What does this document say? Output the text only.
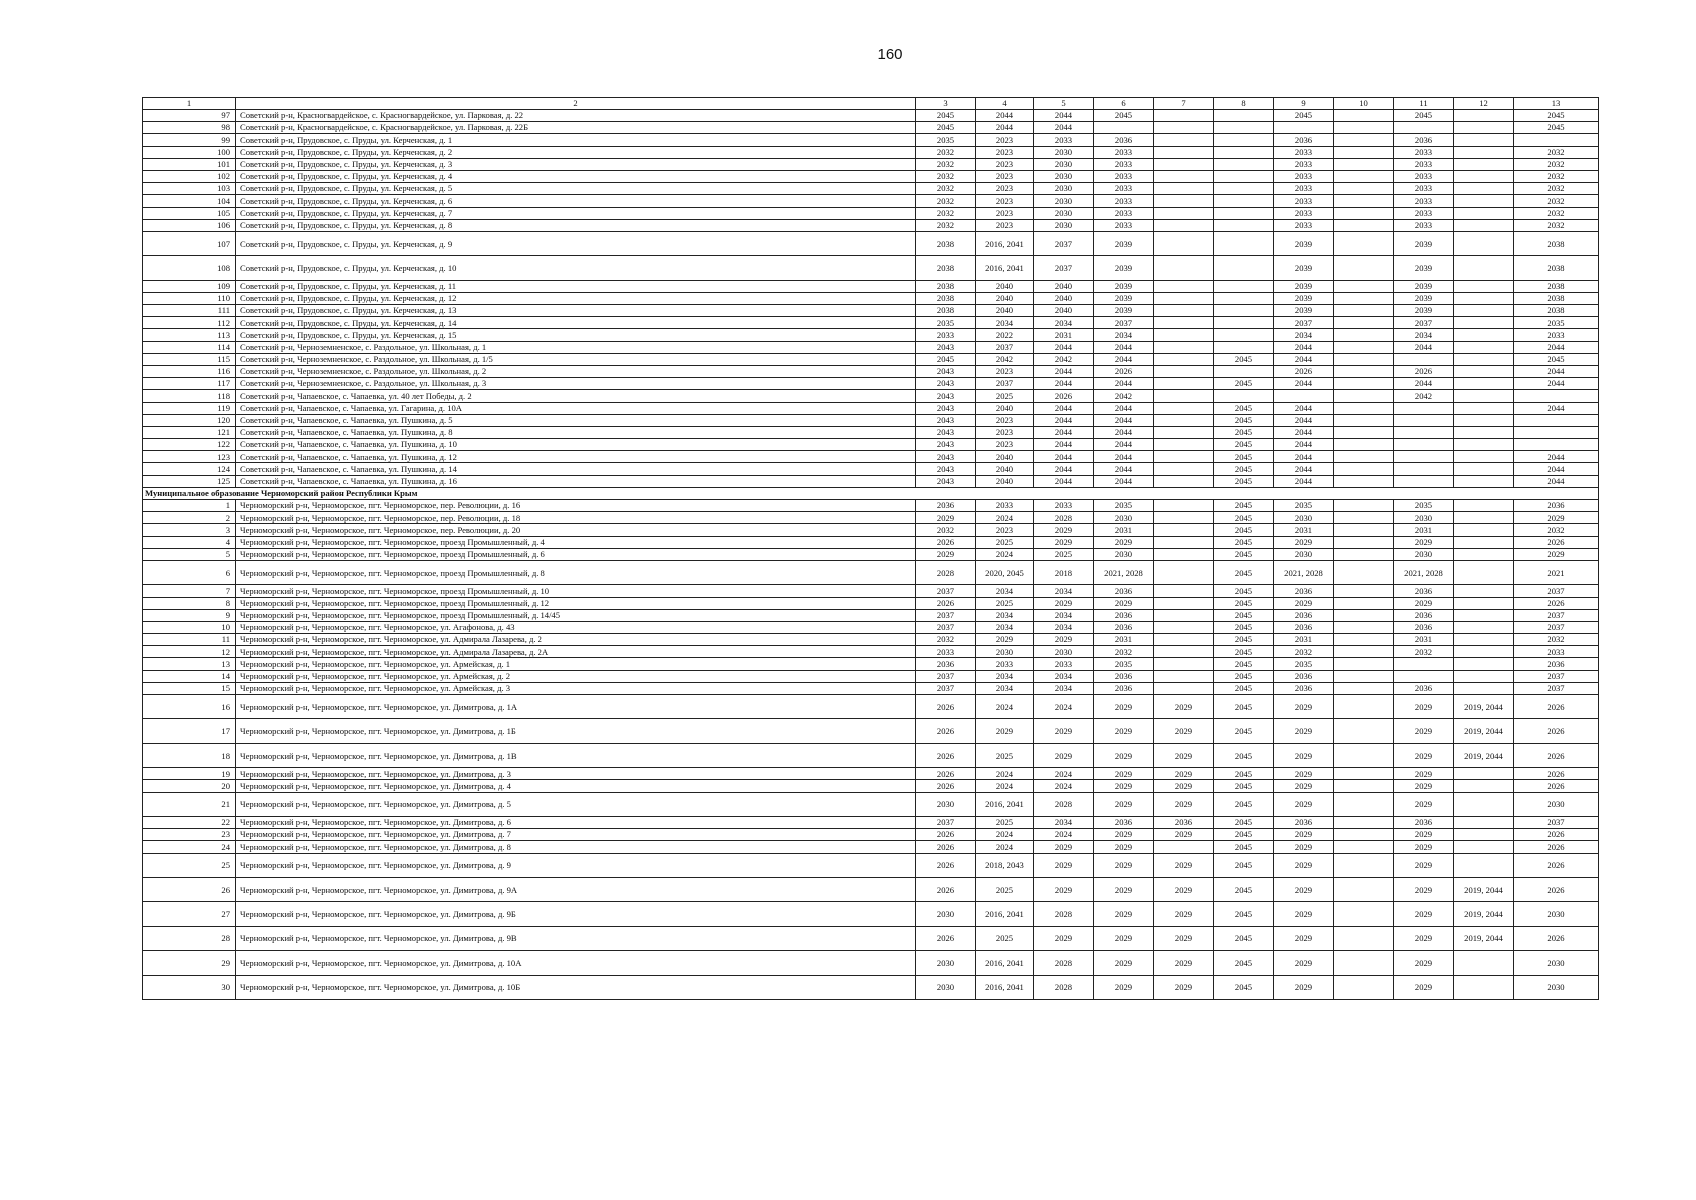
160
1	2	3	4	5	6	7	8	9	10	11	12	13
97	Советский р-н, Красногвардейское, с. Красногвардейское, ул. Парковая, д. 22	2045	2044	2044	2045			2045		2045		2045
98	Советский р-н, Красногвардейское, с. Красногвардейское, ул. Парковая, д. 22Б	2045	2044	2044								2045
99	Советский р-н, Прудовское, с. Пруды, ул. Керченская, д. 1	2035	2023	2033	2036			2036		2036		
100	Советский р-н, Прудовское, с. Пруды, ул. Керченская, д. 2	2032	2023	2030	2033			2033		2033		2032
101	Советский р-н, Прудовское, с. Пруды, ул. Керченская, д. 3	2032	2023	2030	2033			2033		2033		2032
102	Советский р-н, Прудовское, с. Пруды, ул. Керченская, д. 4	2032	2023	2030	2033			2033		2033		2032
103	Советский р-н, Прудовское, с. Пруды, ул. Керченская, д. 5	2032	2023	2030	2033			2033		2033		2032
104	Советский р-н, Прудовское, с. Пруды, ул. Керченская, д. 6	2032	2023	2030	2033			2033		2033		2032
105	Советский р-н, Прудовское, с. Пруды, ул. Керченская, д. 7	2032	2023	2030	2033			2033		2033		2032
106	Советский р-н, Прудовское, с. Пруды, ул. Керченская, д. 8	2032	2023	2030	2033			2033		2033		2032
107	Советский р-н, Прудовское, с. Пруды, ул. Керченская, д. 9	2038	2016, 2041	2037	2039			2039		2039		2038
108	Советский р-н, Прудовское, с. Пруды, ул. Керченская, д. 10	2038	2016, 2041	2037	2039			2039		2039		2038
109	Советский р-н, Прудовское, с. Пруды, ул. Керченская, д. 11	2038	2040	2040	2039			2039		2039		2038
110	Советский р-н, Прудовское, с. Пруды, ул. Керченская, д. 12	2038	2040	2040	2039			2039		2039		2038
111	Советский р-н, Прудовское, с. Пруды, ул. Керченская, д. 13	2038	2040	2040	2039			2039		2039		2038
112	Советский р-н, Прудовское, с. Пруды, ул. Керченская, д. 14	2035	2034	2034	2037			2037		2037		2035
113	Советский р-н, Прудовское, с. Пруды, ул. Керченская, д. 15	2033	2022	2031	2034			2034		2034		2033
114	Советский р-н, Черноземненское, с. Раздольное, ул. Школьная, д. 1	2043	2037	2044	2044			2044		2044		2044
115	Советский р-н, Черноземненское, с. Раздольное, ул. Школьная, д. 1/5	2045	2042	2042	2044		2045	2044				2045
116	Советский р-н, Черноземненское, с. Раздольное, ул. Школьная, д. 2	2043	2023	2044	2026			2026		2026		2044
117	Советский р-н, Черноземненское, с. Раздольное, ул. Школьная, д. 3	2043	2037	2044	2044		2045	2044		2044		2044
118	Советский р-н, Чапаевское, с. Чапаевка, ул. 40 лет Победы, д. 2	2043	2025	2026	2042					2042		
119	Советский р-н, Чапаевское, с. Чапаевка, ул. Гагарина, д. 10А	2043	2040	2044	2044		2045	2044				2044
120	Советский р-н, Чапаевское, с. Чапаевка, ул. Пушкина, д. 5	2043	2023	2044	2044		2045	2044				
121	Советский р-н, Чапаевское, с. Чапаевка, ул. Пушкина, д. 8	2043	2023	2044	2044		2045	2044				
122	Советский р-н, Чапаевское, с. Чапаевка, ул. Пушкина, д. 10	2043	2023	2044	2044		2045	2044				
123	Советский р-н, Чапаевское, с. Чапаевка, ул. Пушкина, д. 12	2043	2040	2044	2044		2045	2044				2044
124	Советский р-н, Чапаевское, с. Чапаевка, ул. Пушкина, д. 14	2043	2040	2044	2044		2045	2044				2044
125	Советский р-н, Чапаевское, с. Чапаевка, ул. Пушкина, д. 16	2043	2040	2044	2044		2045	2044				2044
Муниципальное образование Черноморский район Республики Крым												
1	Черноморский р-н, Черноморское, пгт. Черноморское, пер. Революции, д. 16	2036	2033	2033	2035		2045	2035		2035		2036
2	Черноморский р-н, Черноморское, пгт. Черноморское, пер. Революции, д. 18	2029	2024	2028	2030		2045	2030		2030		2029
3	Черноморский р-н, Черноморское, пгт. Черноморское, пер. Революции, д. 20	2032	2023	2029	2031		2045	2031		2031		2032
4	Черноморский р-н, Черноморское, пгт. Черноморское, проезд Промышленный, д. 4	2026	2025	2029	2029		2045	2029		2029		2026
5	Черноморский р-н, Черноморское, пгт. Черноморское, проезд Промышленный, д. 6	2029	2024	2025	2030		2045	2030		2030		2029
6	Черноморский р-н, Черноморское, пгт. Черноморское, проезд Промышленный, д. 8	2028	2020, 2045	2018	2021, 2028		2045	2021, 2028		2021, 2028		2021
7	Черноморский р-н, Черноморское, пгт. Черноморское, проезд Промышленный, д. 10	2037	2034	2034	2036		2045	2036		2036		2037
8	Черноморский р-н, Черноморское, пгт. Черноморское, проезд Промышленный, д. 12	2026	2025	2029	2029		2045	2029		2029		2026
9	Черноморский р-н, Черноморское, пгт. Черноморское, проезд Промышленный, д. 14/45	2037	2034	2034	2036		2045	2036		2036		2037
10	Черноморский р-н, Черноморское, пгт. Черноморское, ул. Агафонова, д. 43	2037	2034	2034	2036		2045	2036		2036		2037
11	Черноморский р-н, Черноморское, пгт. Черноморское, ул. Адмирала Лазарева, д. 2	2032	2029	2029	2031		2045	2031		2031		2032
12	Черноморский р-н, Черноморское, пгт. Черноморское, ул. Адмирала Лазарева, д. 2А	2033	2030	2030	2032		2045	2032		2032		2033
13	Черноморский р-н, Черноморское, пгт. Черноморское, ул. Армейская, д. 1	2036	2033	2033	2035		2045	2035				2036
14	Черноморский р-н, Черноморское, пгт. Черноморское, ул. Армейская, д. 2	2037	2034	2034	2036		2045	2036				2037
15	Черноморский р-н, Черноморское, пгт. Черноморское, ул. Армейская, д. 3	2037	2034	2034	2036		2045	2036		2036		2037
16	Черноморский р-н, Черноморское, пгт. Черноморское, ул. Димитрова, д. 1А	2026	2024	2024	2029	2029	2045	2029		2029	2019, 2044	2026
17	Черноморский р-н, Черноморское, пгт. Черноморское, ул. Димитрова, д. 1Б	2026	2029	2029	2029	2029	2045	2029		2029	2019, 2044	2026
18	Черноморский р-н, Черноморское, пгт. Черноморское, ул. Димитрова, д. 1В	2026	2025	2029	2029	2029	2045	2029		2029	2019, 2044	2026
19	Черноморский р-н, Черноморское, пгт. Черноморское, ул. Димитрова, д. 3	2026	2024	2024	2029	2029	2045	2029		2029		2026
20	Черноморский р-н, Черноморское, пгт. Черноморское, ул. Димитрова, д. 4	2026	2024	2024	2029	2029	2045	2029		2029		2026
21	Черноморский р-н, Черноморское, пгт. Черноморское, ул. Димитрова, д. 5	2030	2016, 2041	2028	2029	2029	2045	2029		2029		2030
22	Черноморский р-н, Черноморское, пгт. Черноморское, ул. Димитрова, д. 6	2037	2025	2034	2036	2036	2045	2036		2036		2037
23	Черноморский р-н, Черноморское, пгт. Черноморское, ул. Димитрова, д. 7	2026	2024	2024	2029	2029	2045	2029		2029		2026
24	Черноморский р-н, Черноморское, пгт. Черноморское, ул. Димитрова, д. 8	2026	2024	2029	2029		2045	2029		2029		2026
25	Черноморский р-н, Черноморское, пгт. Черноморское, ул. Димитрова, д. 9	2026	2018, 2043	2029	2029	2029	2045	2029		2029		2026
26	Черноморский р-н, Черноморское, пгт. Черноморское, ул. Димитрова, д. 9А	2026	2025	2029	2029	2029	2045	2029		2029	2019, 2044	2026
27	Черноморский р-н, Черноморское, пгт. Черноморское, ул. Димитрова, д. 9Б	2030	2016, 2041	2028	2029	2029	2045	2029		2029	2019, 2044	2030
28	Черноморский р-н, Черноморское, пгт. Черноморское, ул. Димитрова, д. 9В	2026	2025	2029	2029	2029	2045	2029		2029	2019, 2044	2026
29	Черноморский р-н, Черноморское, пгт. Черноморское, ул. Димитрова, д. 10А	2030	2016, 2041	2028	2029	2029	2045	2029		2029		2030
30	Черноморский р-н, Черноморское, пгт. Черноморское, ул. Димитрова, д. 10Б	2030	2016, 2041	2028	2029	2029	2045	2029		2029		2030
